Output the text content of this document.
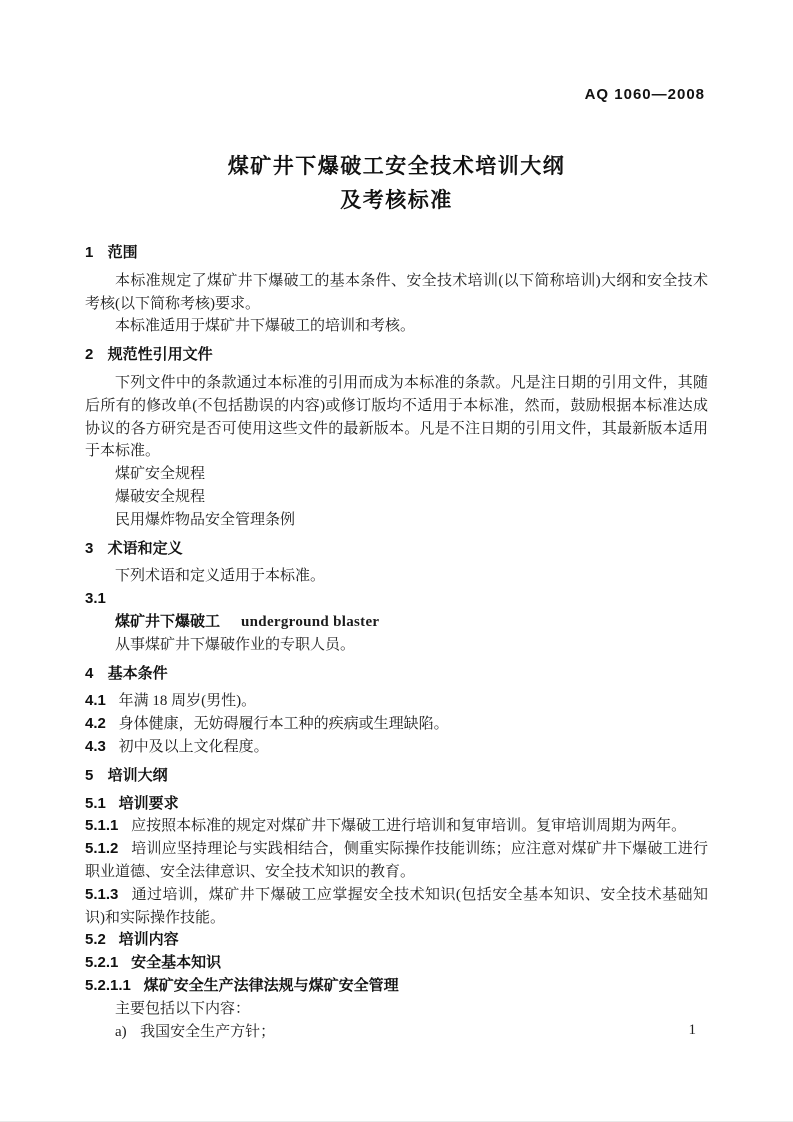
AQ 1060—2008
煤矿井下爆破工安全技术培训大纲
及考核标准
1 范围

本标准规定了煤矿井下爆破工的基本条件、安全技术培训(以下简称培训)大纲和安全技术考核(以下简称考核)要求。

本标准适用于煤矿井下爆破工的培训和考核。

2 规范性引用文件

下列文件中的条款通过本标准的引用而成为本标准的条款。凡是注日期的引用文件，其随后所有的修改单(不包括勘误的内容)或修订版均不适用于本标准，然而，鼓励根据本标准达成协议的各方研究是否可使用这些文件的最新版本。凡是不注日期的引用文件，其最新版本适用于本标准。

煤矿安全规程

爆破安全规程

民用爆炸物品安全管理条例

3 术语和定义

下列术语和定义适用于本标准。

3.1

煤矿井下爆破工 underground blaster

从事煤矿井下爆破作业的专职人员。

4 基本条件

4.1 年满 18 周岁(男性)。

4.2 身体健康，无妨碍履行本工种的疾病或生理缺陷。

4.3 初中及以上文化程度。

5 培训大纲

5.1 培训要求

5.1.1 应按照本标准的规定对煤矿井下爆破工进行培训和复审培训。复审培训周期为两年。

5.1.2 培训应坚持理论与实践相结合，侧重实际操作技能训练；应注意对煤矿井下爆破工进行职业道德、安全法律意识、安全技术知识的教育。

5.1.3 通过培训，煤矿井下爆破工应掌握安全技术知识(包括安全基本知识、安全技术基础知识)和实际操作技能。

5.2 培训内容

5.2.1 安全基本知识

5.2.1.1 煤矿安全生产法律法规与煤矿安全管理

主要包括以下内容：

a) 我国安全生产方针；	1
